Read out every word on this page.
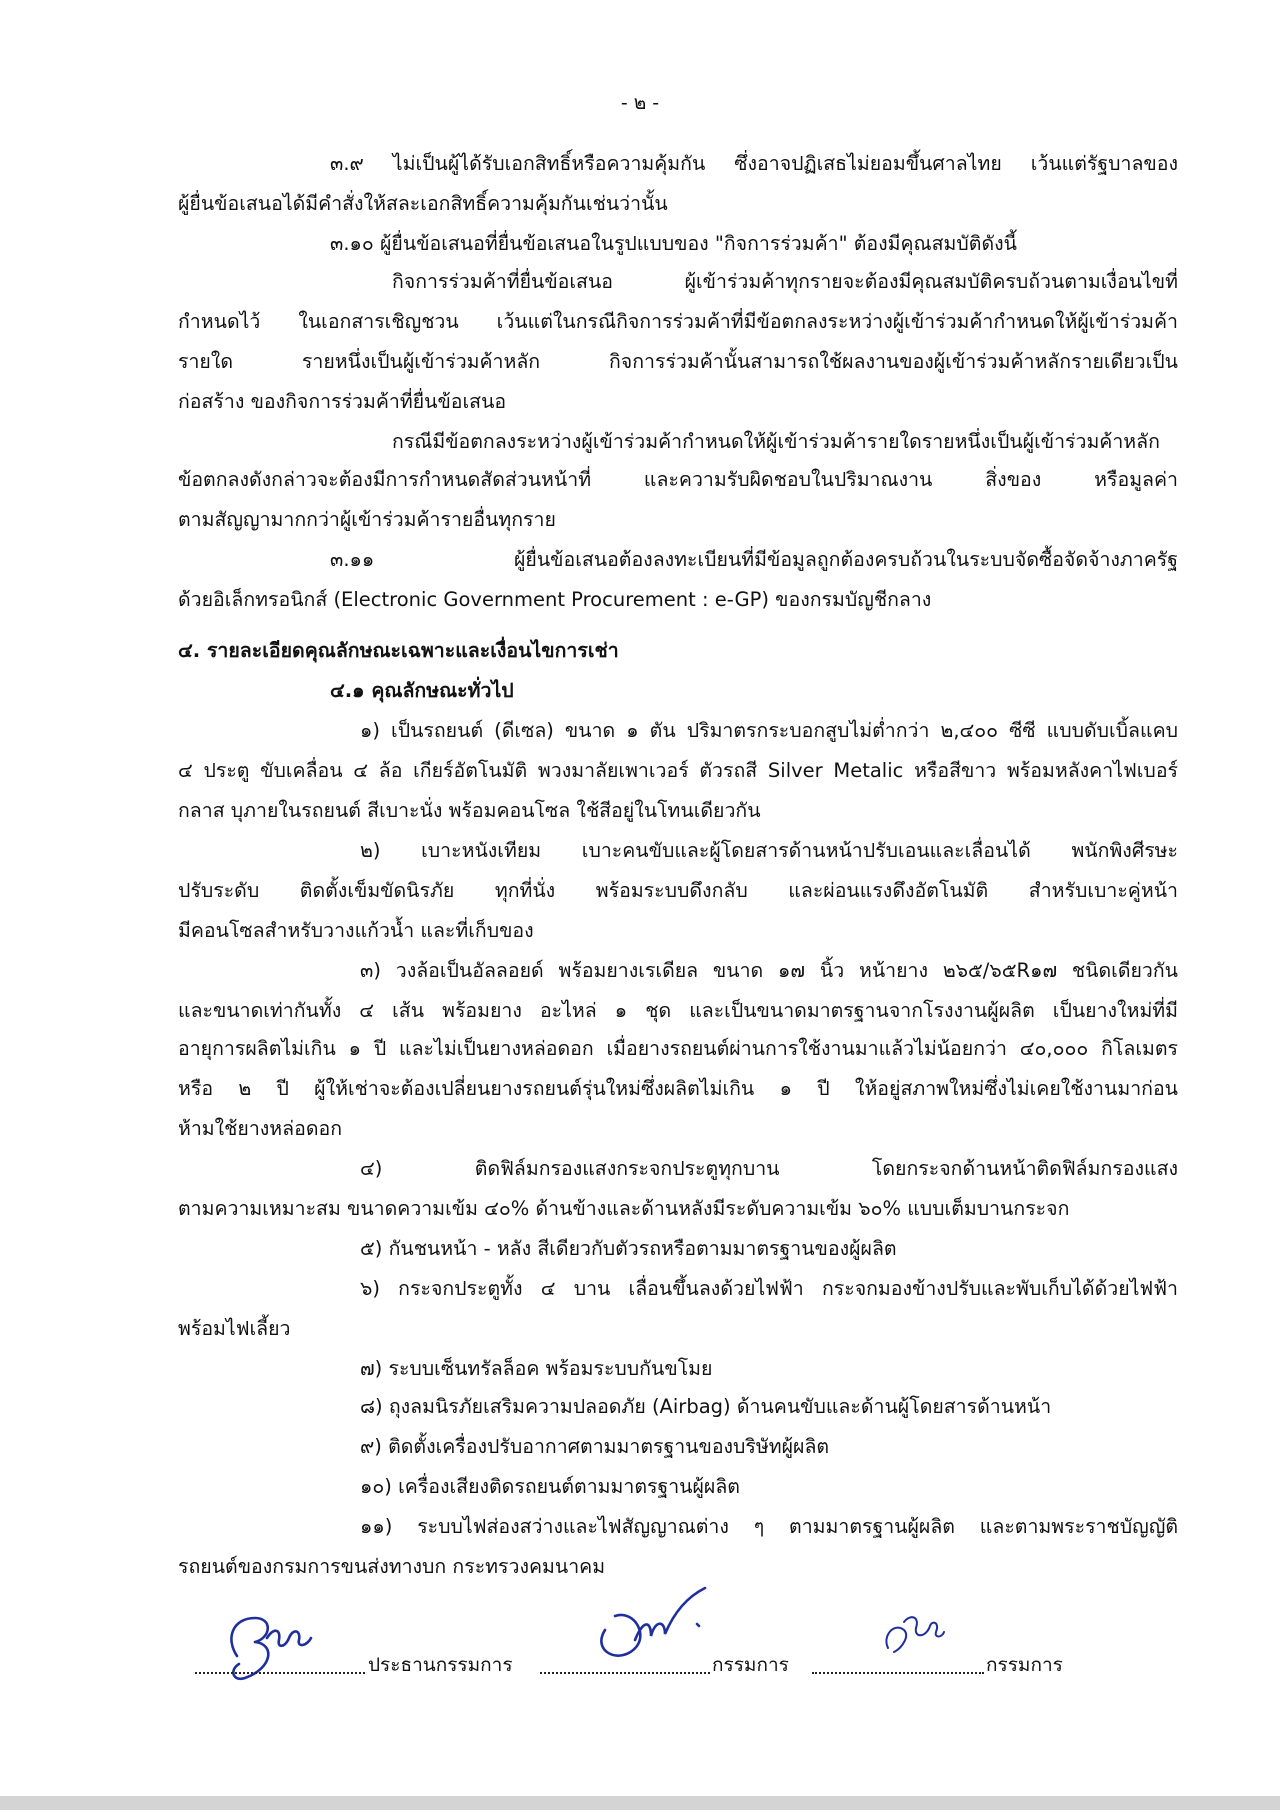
- ๒ -
๓.๙ ไม่เป็นผู้ได้รับเอกสิทธิ์หรือความคุ้มกัน ซึ่งอาจปฏิเสธไม่ยอมขึ้นศาลไทย เว้นแต่รัฐบาลของ
ผู้ยื่นข้อเสนอได้มีคำสั่งให้สละเอกสิทธิ์ความคุ้มกันเช่นว่านั้น
๓.๑๐ ผู้ยื่นข้อเสนอที่ยื่นข้อเสนอในรูปแบบของ "กิจการร่วมค้า" ต้องมีคุณสมบัติดังนี้
กิจการร่วมค้าที่ยื่นข้อเสนอ ผู้เข้าร่วมค้าทุกรายจะต้องมีคุณสมบัติครบถ้วนตามเงื่อนไขที่
กำหนดไว้ ในเอกสารเชิญชวน เว้นแต่ในกรณีกิจการร่วมค้าที่มีข้อตกลงระหว่างผู้เข้าร่วมค้ากำหนดให้ผู้เข้าร่วมค้า
รายใด รายหนึ่งเป็นผู้เข้าร่วมค้าหลัก กิจการร่วมค้านั้นสามารถใช้ผลงานของผู้เข้าร่วมค้าหลักรายเดียวเป็น
ก่อสร้าง ของกิจการร่วมค้าที่ยื่นข้อเสนอ
กรณีมีข้อตกลงระหว่างผู้เข้าร่วมค้ากำหนดให้ผู้เข้าร่วมค้ารายใดรายหนึ่งเป็นผู้เข้าร่วมค้าหลัก
ข้อตกลงดังกล่าวจะต้องมีการกำหนดสัดส่วนหน้าที่ และความรับผิดชอบในปริมาณงาน สิ่งของ หรือมูลค่า
ตามสัญญามากกว่าผู้เข้าร่วมค้ารายอื่นทุกราย
๓.๑๑ ผู้ยื่นข้อเสนอต้องลงทะเบียนที่มีข้อมูลถูกต้องครบถ้วนในระบบจัดซื้อจัดจ้างภาครัฐ
ด้วยอิเล็กทรอนิกส์ (Electronic Government Procurement : e-GP) ของกรมบัญชีกลาง
๔. รายละเอียดคุณลักษณะเฉพาะและเงื่อนไขการเช่า
๔.๑ คุณลักษณะทั่วไป
๑) เป็นรถยนต์ (ดีเซล) ขนาด ๑ ตัน ปริมาตรกระบอกสูบไม่ต่ำกว่า ๒,๔๐๐ ซีซี แบบดับเบิ้ลแคบ
๔ ประตู ขับเคลื่อน ๔ ล้อ เกียร์อัตโนมัติ พวงมาลัยเพาเวอร์ ตัวรถสี Silver Metalic หรือสีขาว พร้อมหลังคาไฟเบอร์
กลาส บุภายในรถยนต์ สีเบาะนั่ง พร้อมคอนโซล ใช้สีอยู่ในโทนเดียวกัน
๒) เบาะหนังเทียม เบาะคนขับและผู้โดยสารด้านหน้าปรับเอนและเลื่อนได้ พนักพิงศีรษะ
ปรับระดับ ติดตั้งเข็มขัดนิรภัย ทุกที่นั่ง พร้อมระบบดึงกลับ และผ่อนแรงดึงอัตโนมัติ สำหรับเบาะคู่หน้า
มีคอนโซลสำหรับวางแก้วน้ำ และที่เก็บของ
๓) วงล้อเป็นอัลลอยด์ พร้อมยางเรเดียล ขนาด ๑๗ นิ้ว หน้ายาง ๒๖๕/๖๕R๑๗ ชนิดเดียวกัน
และขนาดเท่ากันทั้ง ๔ เส้น พร้อมยาง อะไหล่ ๑ ชุด และเป็นขนาดมาตรฐานจากโรงงานผู้ผลิต เป็นยางใหม่ที่มี
อายุการผลิตไม่เกิน ๑ ปี และไม่เป็นยางหล่อดอก เมื่อยางรถยนต์ผ่านการใช้งานมาแล้วไม่น้อยกว่า ๔๐,๐๐๐ กิโลเมตร
หรือ ๒ ปี ผู้ให้เช่าจะต้องเปลี่ยนยางรถยนต์รุ่นใหม่ซึ่งผลิตไม่เกิน ๑ ปี ให้อยู่สภาพใหม่ซึ่งไม่เคยใช้งานมาก่อน
ห้ามใช้ยางหล่อดอก
๔) ติดฟิล์มกรองแสงกระจกประตูทุกบาน โดยกระจกด้านหน้าติดฟิล์มกรองแสง
ตามความเหมาะสม ขนาดความเข้ม ๔๐% ด้านข้างและด้านหลังมีระดับความเข้ม ๖๐% แบบเต็มบานกระจก
๕) กันชนหน้า - หลัง สีเดียวกับตัวรถหรือตามมาตรฐานของผู้ผลิต
๖) กระจกประตูทั้ง ๔ บาน เลื่อนขึ้นลงด้วยไฟฟ้า กระจกมองข้างปรับและพับเก็บได้ด้วยไฟฟ้า
พร้อมไฟเลี้ยว
๗) ระบบเซ็นทรัลล็อค พร้อมระบบกันขโมย
๘) ถุงลมนิรภัยเสริมความปลอดภัย (Airbag) ด้านคนขับและด้านผู้โดยสารด้านหน้า
๙) ติดตั้งเครื่องปรับอากาศตามมาตรฐานของบริษัทผู้ผลิต
๑๐) เครื่องเสียงติดรถยนต์ตามมาตรฐานผู้ผลิต
๑๑) ระบบไฟส่องสว่างและไฟสัญญาณต่าง ๆ ตามมาตรฐานผู้ผลิต และตามพระราชบัญญัติ
รถยนต์ของกรมการขนส่งทางบก กระทรวงคมนาคม
ประธานกรรมการ	กรรมการ	กรรมการ
